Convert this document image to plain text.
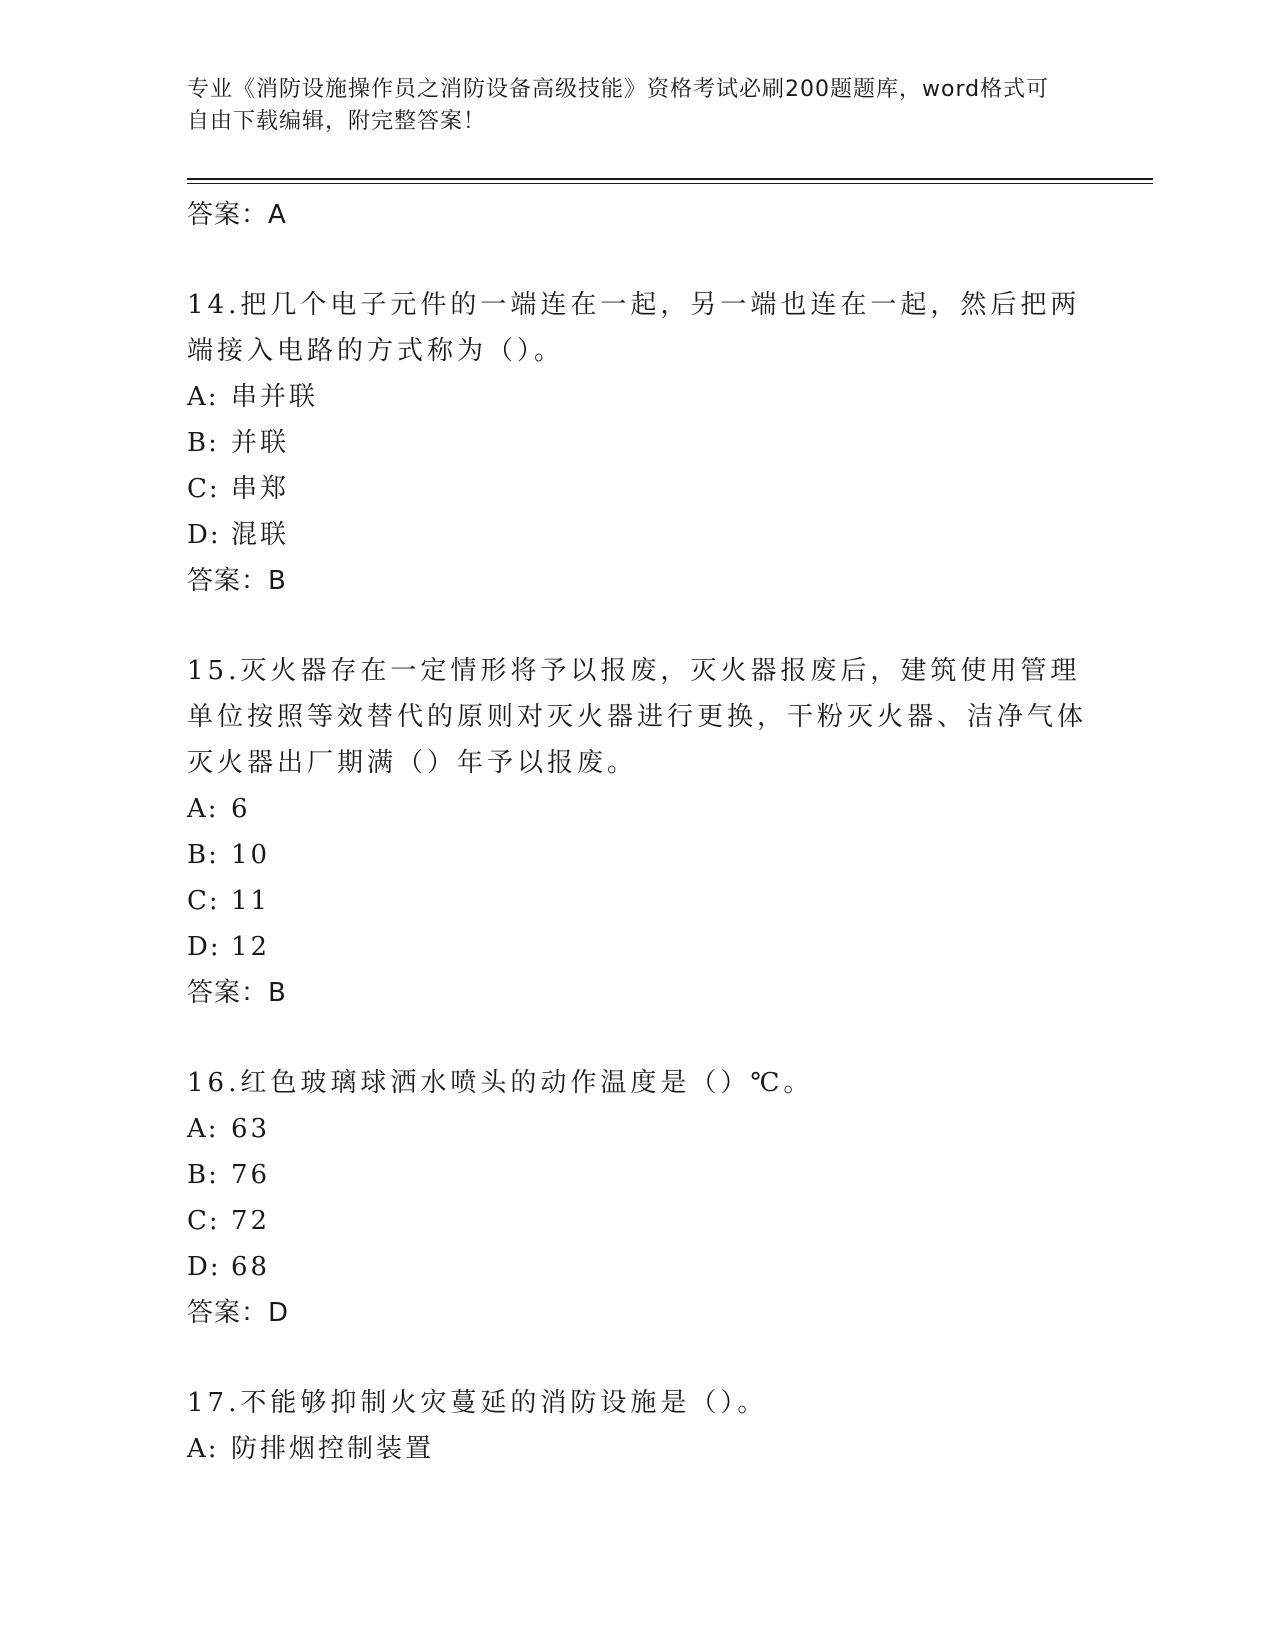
专业《消防设施操作员之消防设备高级技能》资格考试必刷200题题库，word格式可自由下载编辑，附完整答案！
答案：A
14.把几个电子元件的一端连在一起，另一端也连在一起，然后把两端接入电路的方式称为（）。
A: 串并联
B: 并联
C: 串郑
D: 混联
答案：B
15.灭火器存在一定情形将予以报废，灭火器报废后，建筑使用管理单位按照等效替代的原则对灭火器进行更换，干粉灭火器、洁净气体灭火器出厂期满（）年予以报废。
A: 6
B: 10
C: 11
D: 12
答案：B
16.红色玻璃球洒水喷头的动作温度是（）℃。
A: 63
B: 76
C: 72
D: 68
答案：D
17.不能够抑制火灾蔓延的消防设施是（）。
A: 防排烟控制装置
